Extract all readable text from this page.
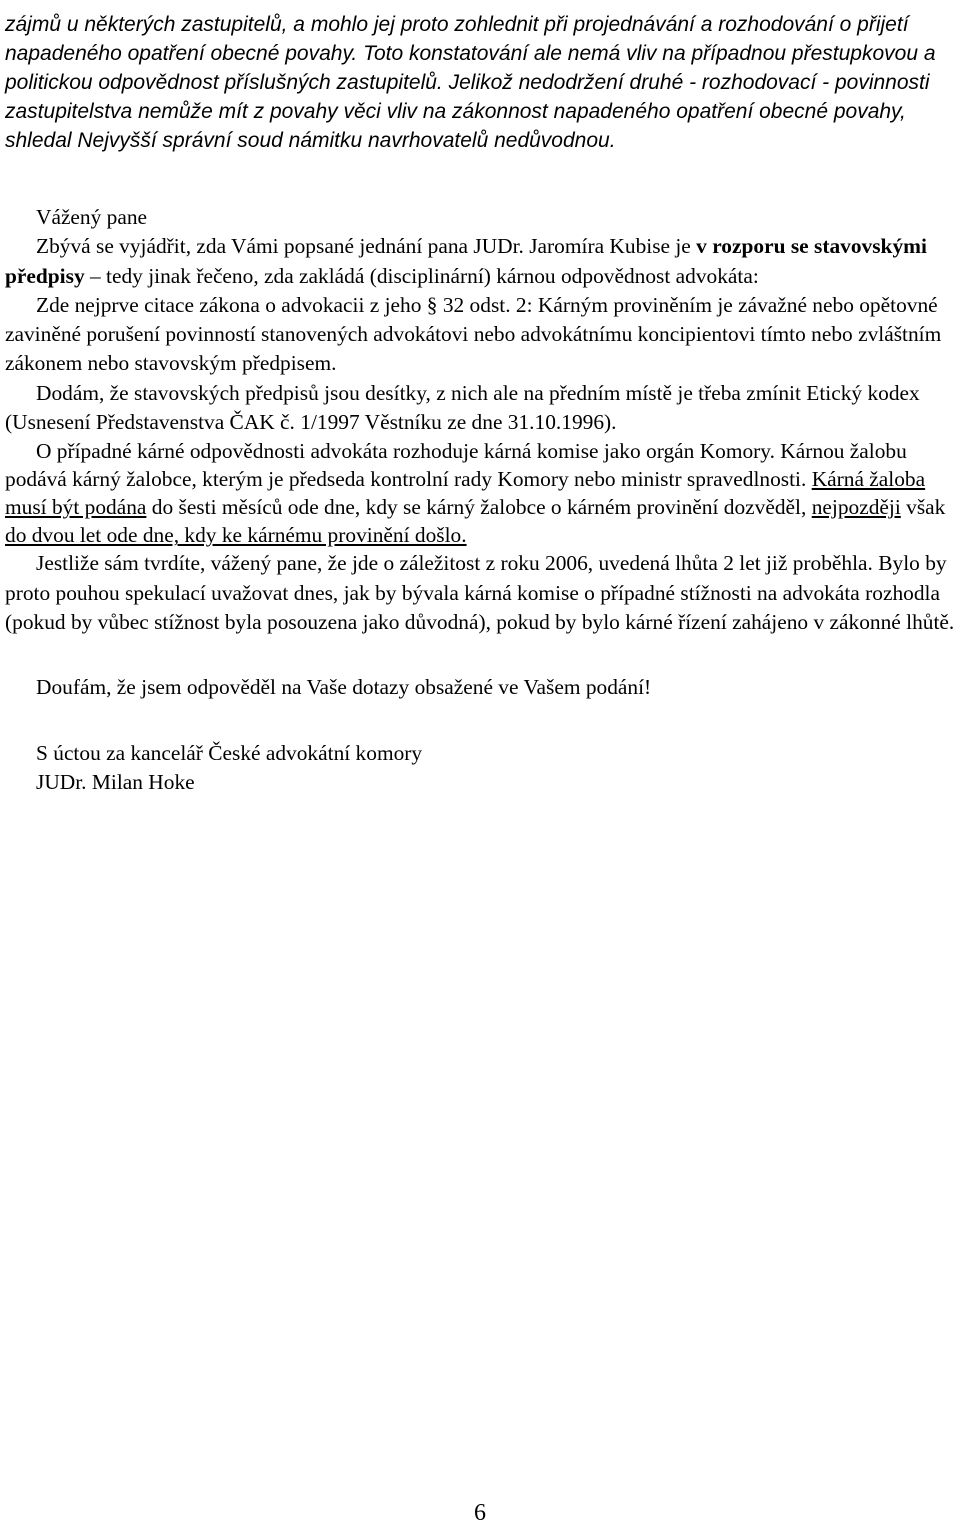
zájmů u některých zastupitelů, a mohlo jej proto zohlednit při projednávání a rozhodování o přijetí napadeného opatření obecné povahy. Toto konstatování ale nemá vliv na případnou přestupkovou a politickou odpovědnost příslušných zastupitelů. Jelikož nedodržení druhé - rozhodovací - povinnosti zastupitelstva nemůže mít z povahy věci vliv na zákonnost napadeného opatření obecné povahy, shledal Nejvyšší správní soud námitku navrhovatelů nedůvodnou.

Vážený pane

Zbývá se vyjádřit, zda Vámi popsané jednání pana JUDr. Jaromíra Kubise je v rozporu se stavovskými předpisy – tedy jinak řečeno, zda zakládá (disciplinární) kárnou odpovědnost advokáta:

Zde nejprve citace zákona o advokacii z jeho § 32 odst. 2: Kárným proviněním je závažné nebo opětovné zaviněné porušení povinností stanovených advokátovi nebo advokátnímu koncipientovi tímto nebo zvláštním zákonem nebo stavovským předpisem.

Dodám, že stavovských předpisů jsou desítky, z nich ale na předním místě je třeba zmínit Etický kodex (Usnesení Představenstva ČAK č. 1/1997 Věstníku ze dne 31.10.1996).

O případné kárné odpovědnosti advokáta rozhoduje kárná komise jako orgán Komory. Kárnou žalobu podává kárný žalobce, kterým je předseda kontrolní rady Komory nebo ministr spravedlnosti. Kárná žaloba musí být podána do šesti měsíců ode dne, kdy se kárný žalobce o kárném provinění dozvěděl, nejpozději však do dvou let ode dne, kdy ke kárnému provinění došlo.

Jestliže sám tvrdíte, vážený pane, že jde o záležitost z roku 2006, uvedená lhůta 2 let již proběhla. Bylo by proto pouhou spekulací uvažovat dnes, jak by bývala kárná komise o případné stížnosti na advokáta rozhodla (pokud by vůbec stížnost byla posouzena jako důvodná), pokud by bylo kárné řízení zahájeno v zákonné lhůtě.

Doufám, že jsem odpověděl na Vaše dotazy obsažené ve Vašem podání!

S úctou za kancelář České advokátní komory

JUDr. Milan Hoke

6
